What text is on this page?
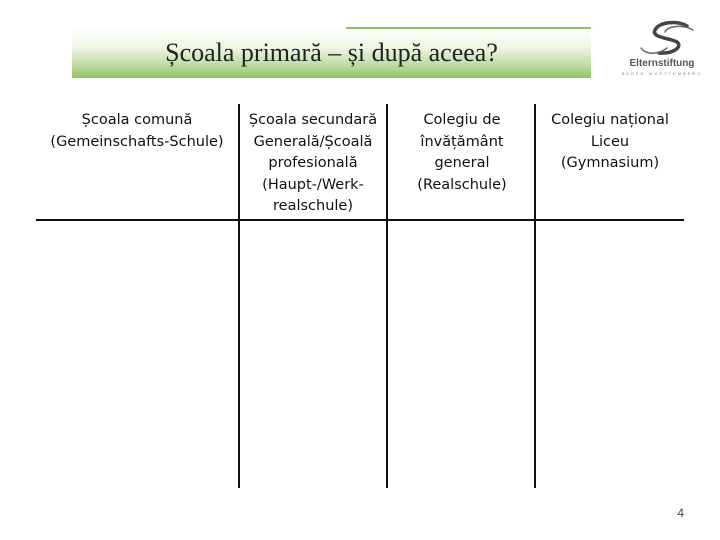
Școala primară – și după aceea?	Elternstiftung
BADEN-WÜRTTEMBERG
Școala comună
(Gemeinschafts-Schule)
Școala secundară
Generală/Școală
profesională
(Haupt-/Werk-
realschule)
Colegiu de
învățământ
general
(Realschule)
Colegiu național
Liceu
(Gymnasium)
4
